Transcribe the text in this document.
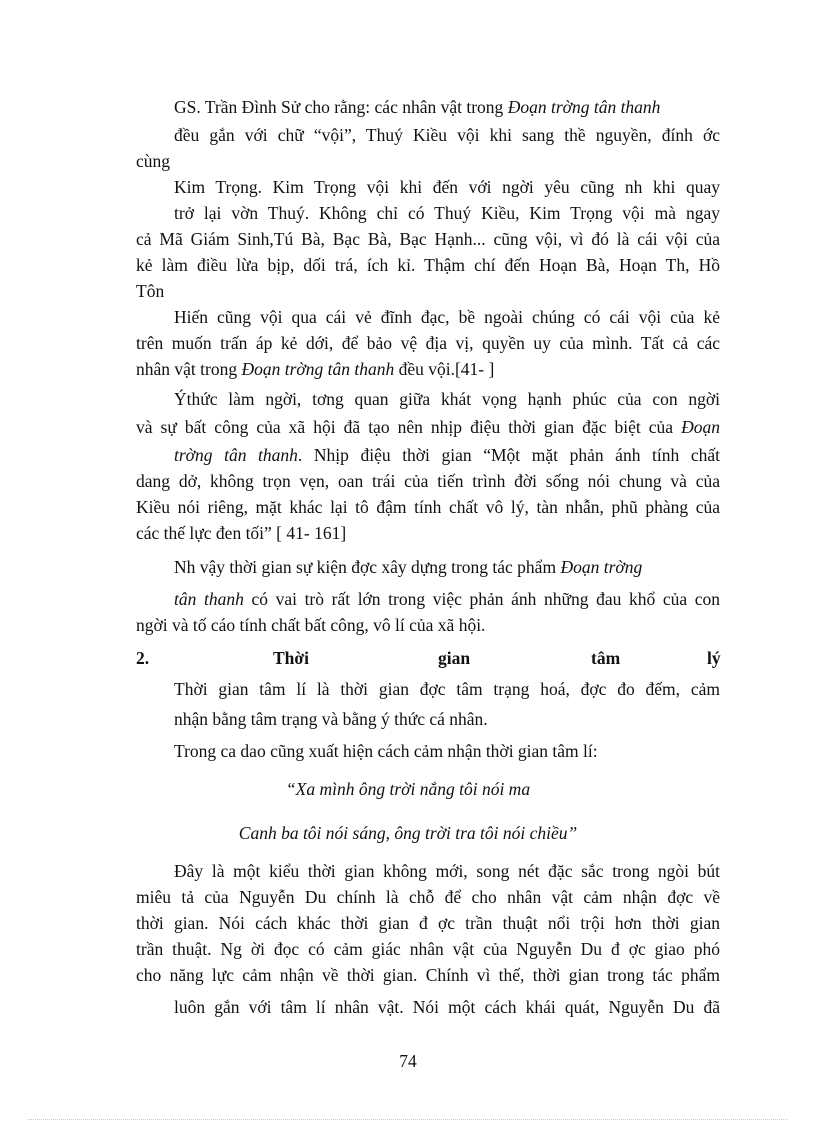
GS. Trần Đình Sử cho rằng: các nhân vật trong Đoạn trờng tân thanh
đều gắn với chữ “vội”, Thuý Kiều vội khi sang thề nguyền, đính ớc
cùng
Kim Trọng. Kim Trọng vội khi đến với ngời yêu cũng nh khi quay
trở lại vờn Thuý. Không chỉ có Thuý Kiều, Kim Trọng vội mà ngay
cả Mã Giám Sinh,Tú Bà, Bạc Bà, Bạc Hạnh... cũng vội, vì đó là cái vội của
kẻ làm điều lừa bịp, dối trá, ích kỉ. Thậm chí đến Hoạn Bà, Hoạn Th, Hồ
Tôn
Hiến cũng vội qua cái vẻ đĩnh đạc, bề ngoài chúng có cái vội của kẻ
trên muốn trấn áp kẻ dới, để bảo vệ địa vị, quyền uy của mình. Tất cả các
nhân vật trong Đoạn trờng tân thanh đều vội.[41- ]
Ýthức làm ngời, tơng quan giữa khát vọng hạnh phúc của con ngời
và sự bất công của xã hội đã tạo nên nhịp điệu thời gian đặc biệt của Đoạn
trờng tân thanh. Nhịp điệu thời gian “Một mặt phản ánh tính chất
dang dở, không trọn vẹn, oan trái của tiến trình đời sống nói chung và của
Kiều nói riêng, mặt khác lại tô đậm tính chất vô lý, tàn nhẫn, phũ phàng của
các thế lực đen tối” [ 41- 161]
Nh vậy thời gian sự kiện đợc xây dựng trong tác phẩm Đoạn trờng
tân thanh có vai trò rất lớn trong việc phản ánh những đau khổ của con
ngời và tố cáo tính chất bất công, vô lí của xã hội.
2.	Thời	gian	tâm	lý
Thời gian tâm lí là thời gian đợc tâm trạng hoá, đợc đo đếm, cảm
nhận bằng tâm trạng và bằng ý thức cá nhân.
Trong ca dao cũng xuất hiện cách cảm nhận thời gian tâm lí:
“Xa mình ông trời nắng tôi nói ma
Canh ba tôi nói sáng, ông trời tra tôi nói chiều”
Đây là một kiểu thời gian không mới, song nét đặc sắc trong ngòi bút
miêu tả của Nguyễn Du chính là chỗ để cho nhân vật cảm nhận đợc về
thời gian. Nói cách khác thời gian đ ợc trần thuật nổi trội hơn thời gian
trần thuật. Ng ời đọc có cảm giác nhân vật của Nguyễn Du đ ợc giao phó
cho năng lực cảm nhận về thời gian. Chính vì thế, thời gian trong tác phẩm
luôn gắn với tâm lí nhân vật. Nói một cách khái quát, Nguyễn Du đã
74
